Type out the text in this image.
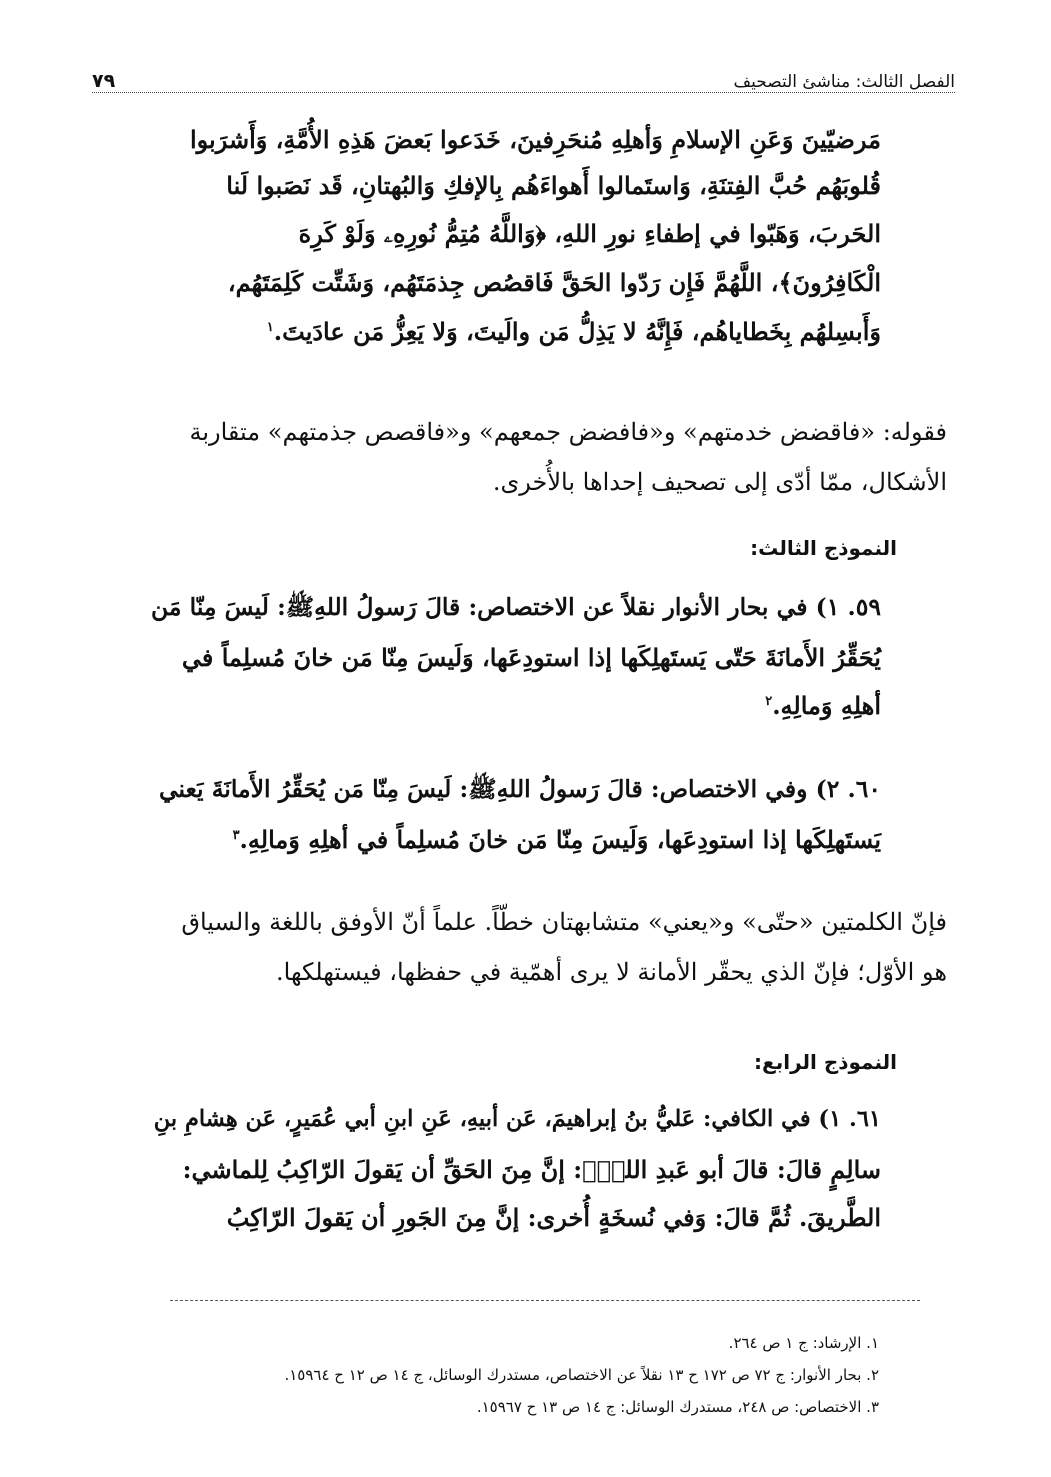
الفصل الثالث: مناشئ التصحيف
٧٩
مَرضيّينَ وَعَنِ الإسلامِ وَأهلِهِ مُنحَرِفينَ، خَدَعوا بَعضَ هَذِهِ الأُمَّةِ، وَأَشرَبوا
قُلوبَهُم حُبَّ الفِتنَةِ، وَاستَمالوا أَهواءَهُم بِالإفكِ وَالبُهتانِ، قَد نَصَبوا لَنا
الحَربَ، وَهَبّوا في إطفاءِ نورِ اللهِ، ﴿وَاللَّهُ مُتِمُّ نُورِهِۦ وَلَوْ كَرِهَ
الْكَافِرُونَ﴾، اللَّهُمَّ فَإِن رَدّوا الحَقَّ فَاقصُص جِذمَتَهُم، وَشَتِّت كَلِمَتَهُم،
وَأَبسِلهُم بِخَطاياهُم، فَإِنَّهُ لا يَذِلُّ مَن والَيتَ، وَلا يَعِزُّ مَن عادَيتَ.$^١$
فقوله: «فاقضض خدمتهم» و«فافضض جمعهم» و«فاقصص جذمتهم» متقاربة
الأشكال، ممّا أدّى إلى تصحيف إحداها بالأُخرى.
النموذج الثالث:
٥٩. ١) في بحار الأنوار نقلاً عن الاختصاص: قالَ رَسولُ اللهِﷺ: لَيسَ مِنّا مَن
يُحَقِّرُ الأَمانَةَ حَتّى يَستَهلِكَها إذا استودِعَها، وَلَيسَ مِنّا مَن خانَ مُسلِماً في
أهلِهِ وَمالِهِ.$^٢$
٦٠. ٢) وفي الاختصاص: قالَ رَسولُ اللهِﷺ: لَيسَ مِنّا مَن يُحَقِّرُ الأَمانَةَ يَعني
يَستَهلِكَها إذا استودِعَها، وَلَيسَ مِنّا مَن خانَ مُسلِماً في أهلِهِ وَمالِهِ.$^٣$
فإنّ الكلمتين «حتّى» و«يعني» متشابهتان خطّاً. علماً أنّ الأوفق باللغة والسياق
هو الأوّل؛ فإنّ الذي يحقّر الأمانة لا يرى أهمّية في حفظها، فيستهلكها.
النموذج الرابع:
٦١. ١) في الكافي: عَليُّ بنُ إبراهيمَ، عَن أبيهِ، عَنِ ابنِ أبي عُمَيرٍ، عَن هِشامِ بنِ
سالِمٍ قالَ: قالَ أبو عَبدِ اللهِؑ: إنَّ مِنَ الحَقِّ أن يَقولَ الرّاكِبُ لِلماشي:
الطَّريقَ. ثُمَّ قالَ: وَفي نُسخَةٍ أُخرى: إنَّ مِنَ الجَورِ أن يَقولَ الرّاكِبُ
١. الإرشاد: ج ١ ص ٢٦٤.
٢. بحار الأنوار: ج ٧٢ ص ١٧٢ ح ١٣ نقلاً عن الاختصاص، مستدرك الوسائل، ج ١٤ ص ١٢ ح ١٥٩٦٤.
٣. الاختصاص: ص ٢٤٨، مستدرك الوسائل: ج ١٤ ص ١٣ ح ١٥٩٦٧.
